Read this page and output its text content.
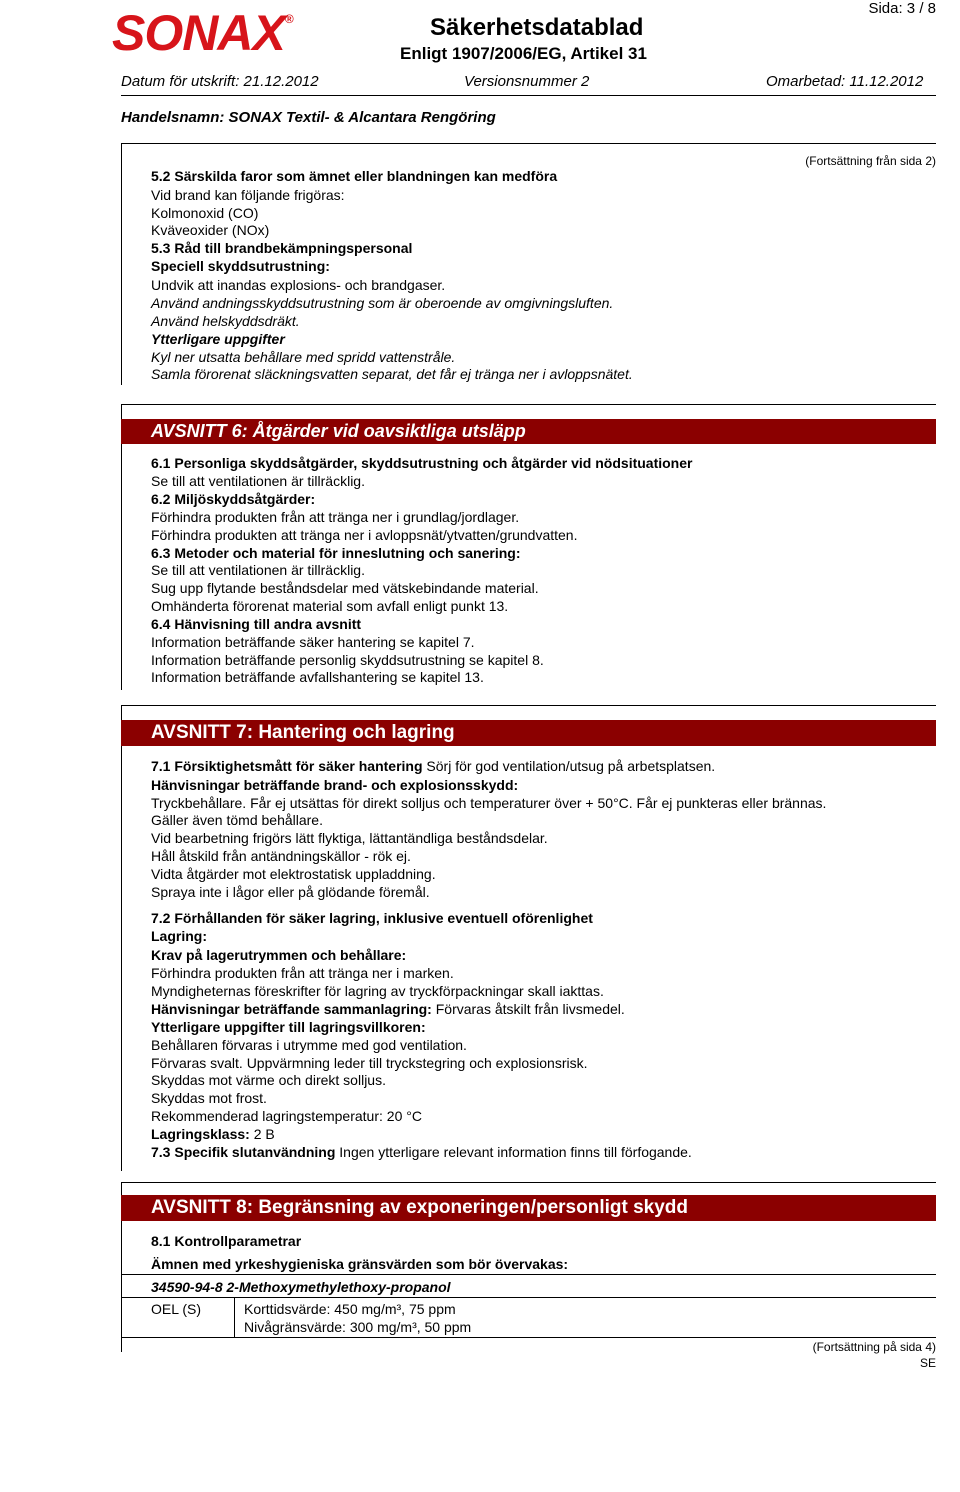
SONAX®	Säkerhetsdatablad
Enligt 1907/2006/EG, Artikel 31
Sida: 3 / 8
Datum för utskrift: 21.12.2012	Versionsnummer 2	Omarbetad: 11.12.2012
Handelsnamn: SONAX Textil- & Alcantara Rengöring
(Fortsättning från sida 2)
5.2 Särskilda faror som ämnet eller blandningen kan medföra
Vid brand kan följande frigöras:
Kolmonoxid (CO)
Kväveoxider (NOx)
5.3 Råd till brandbekämpningspersonal
Speciell skyddsutrustning:
Undvik att inandas explosions- och brandgaser.
Använd andningsskyddsutrustning som är oberoende av omgivningsluften.
Använd helskyddsdräkt.
Ytterligare uppgifter
Kyl ner utsatta behållare med spridd vattenstråle.
Samla förorenat släckningsvatten separat, det får ej tränga ner i avloppsnätet.
AVSNITT 6: Åtgärder vid oavsiktliga utsläpp
6.1 Personliga skyddsåtgärder, skyddsutrustning och åtgärder vid nödsituationer
Se till att ventilationen är tillräcklig.
6.2 Miljöskyddsåtgärder:
Förhindra produkten från att tränga ner i grundlag/jordlager.
Förhindra produkten att tränga ner i avloppsnät/ytvatten/grundvatten.
6.3 Metoder och material för inneslutning och sanering:
Se till att ventilationen är tillräcklig.
Sug upp flytande beståndsdelar med vätskebindande material.
Omhänderta förorenat material som avfall enligt punkt 13.
6.4 Hänvisning till andra avsnitt
Information beträffande säker hantering se kapitel 7.
Information beträffande personlig skyddsutrustning se kapitel 8.
Information beträffande avfallshantering se kapitel 13.
AVSNITT 7: Hantering och lagring
7.1 Försiktighetsmått för säker hantering Sörj för god ventilation/utsug på arbetsplatsen.
Hänvisningar beträffande brand- och explosionsskydd:
Tryckbehållare. Får ej utsättas för direkt solljus och temperaturer över + 50°C. Får ej punkteras eller brännas.
Gäller även tömd behållare.
Vid bearbetning frigörs lätt flyktiga, lättantändliga beståndsdelar.
Håll åtskild från antändningskällor - rök ej.
Vidta åtgärder mot elektrostatisk uppladdning.
Spraya inte i lågor eller på glödande föremål.
7.2 Förhållanden för säker lagring, inklusive eventuell oförenlighet
Lagring:
Krav på lagerutrymmen och behållare:
Förhindra produkten från att tränga ner i marken.
Myndigheternas föreskrifter för lagring av tryckförpackningar skall iakttas.
Hänvisningar beträffande sammanlagring: Förvaras åtskilt från livsmedel.
Ytterligare uppgifter till lagringsvillkoren:
Behållaren förvaras i utrymme med god ventilation.
Förvaras svalt. Uppvärmning leder till tryckstegring och explosionsrisk.
Skyddas mot värme och direkt solljus.
Skyddas mot frost.
Rekommenderad lagringstemperatur: 20 °C
Lagringsklass: 2 B
7.3 Specifik slutanvändning Ingen ytterligare relevant information finns till förfogande.
AVSNITT 8: Begränsning av exponeringen/personligt skydd
8.1 Kontrollparametrar
Ämnen med yrkeshygieniska gränsvärden som bör övervakas:
34590-94-8 2-Methoxymethylethoxy-propanol
OEL (S)	Korttidsvärde: 450 mg/m³, 75 ppm
Nivågränsvärde: 300 mg/m³, 50 ppm
(Fortsättning på sida 4)
SE
